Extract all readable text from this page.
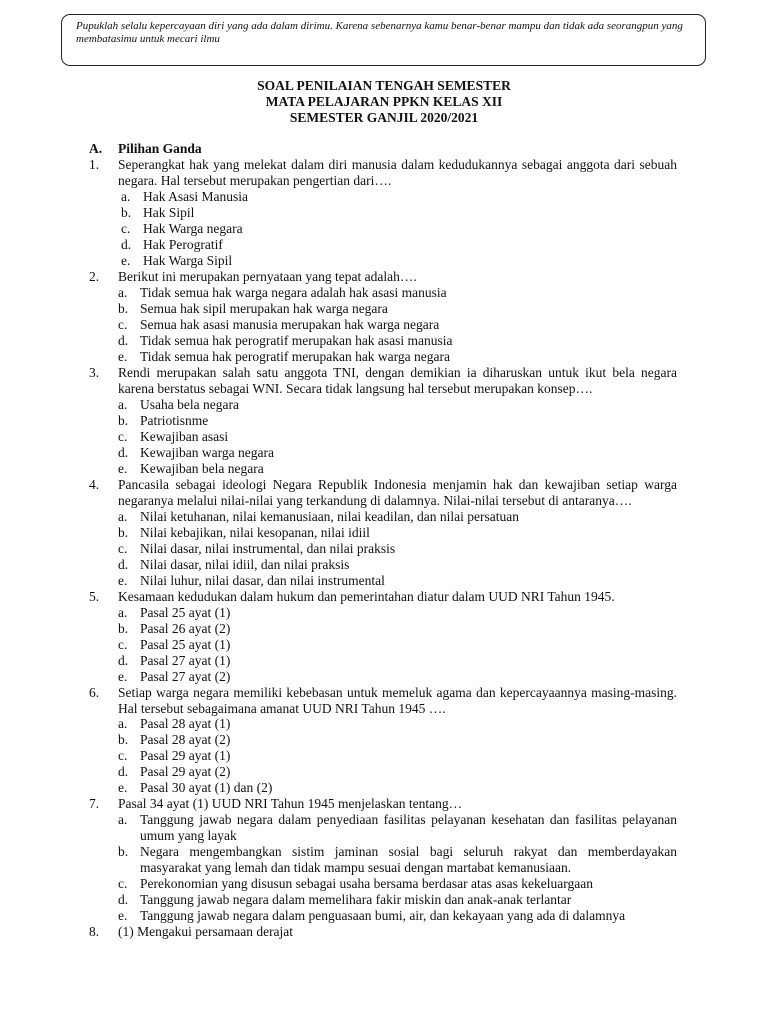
Pupuklah selalu kepercayaan diri yang ada dalam dirimu. Karena sebenarnya kamu benar-benar mampu dan tidak ada seorangpun yang membatasimu untuk mecari ilmu
SOAL PENILAIAN TENGAH SEMESTER
MATA PELAJARAN PPKN KELAS XII
SEMESTER GANJIL 2020/2021
A. Pilihan Ganda
1. Seperangkat hak yang melekat dalam diri manusia dalam kedudukannya sebagai anggota dari sebuah negara. Hal tersebut merupakan pengertian dari….
a. Hak Asasi Manusia
b. Hak Sipil
c. Hak Warga negara
d. Hak Perogratif
e. Hak Warga Sipil
2. Berikut ini merupakan pernyataan yang tepat adalah….
a. Tidak semua hak warga negara adalah hak asasi manusia
b. Semua hak sipil merupakan hak warga negara
c. Semua hak asasi manusia merupakan hak warga negara
d. Tidak semua hak perogratif merupakan hak asasi manusia
e. Tidak semua hak perogratif merupakan hak warga negara
3. Rendi merupakan salah satu anggota TNI, dengan demikian ia diharuskan untuk ikut bela negara karena berstatus sebagai WNI. Secara tidak langsung hal tersebut merupakan konsep….
a. Usaha bela negara
b. Patriotisnme
c. Kewajiban asasi
d. Kewajiban warga negara
e. Kewajiban bela negara
4. Pancasila sebagai ideologi Negara Republik Indonesia menjamin hak dan kewajiban setiap warga negaranya melalui nilai-nilai yang terkandung di dalamnya. Nilai-nilai tersebut di antaranya….
a. Nilai ketuhanan, nilai kemanusiaan, nilai keadilan, dan nilai persatuan
b. Nilai kebajikan, nilai kesopanan, nilai idiil
c. Nilai dasar, nilai instrumental, dan nilai praksis
d. Nilai dasar, nilai idiil, dan nilai praksis
e. Nilai luhur, nilai dasar, dan nilai instrumental
5. Kesamaan kedudukan dalam hukum dan pemerintahan diatur dalam UUD NRI Tahun 1945.
a. Pasal 25 ayat (1)
b. Pasal 26 ayat (2)
c. Pasal 25 ayat (1)
d. Pasal 27 ayat (1)
e. Pasal 27 ayat (2)
6. Setiap warga negara memiliki kebebasan untuk memeluk agama dan kepercayaannya masing-masing. Hal tersebut sebagaimana amanat UUD NRI Tahun 1945 ….
a. Pasal 28 ayat (1)
b. Pasal 28 ayat (2)
c. Pasal 29 ayat (1)
d. Pasal 29 ayat (2)
e. Pasal 30 ayat (1) dan (2)
7. Pasal 34 ayat (1) UUD NRI Tahun 1945 menjelaskan tentang…
a. Tanggung jawab negara dalam penyediaan fasilitas pelayanan kesehatan dan fasilitas pelayanan umum yang layak
b. Negara mengembangkan sistim jaminan sosial bagi seluruh rakyat dan memberdayakan masyarakat yang lemah dan tidak mampu sesuai dengan martabat kemanusiaan.
c. Perekonomian yang disusun sebagai usaha bersama berdasar atas asas kekeluargaan
d. Tanggung jawab negara dalam memelihara fakir miskin dan anak-anak terlantar
e. Tanggung jawab negara dalam penguasaan bumi, air, dan kekayaan yang ada di dalamnya
8. (1) Mengakui persamaan derajat
